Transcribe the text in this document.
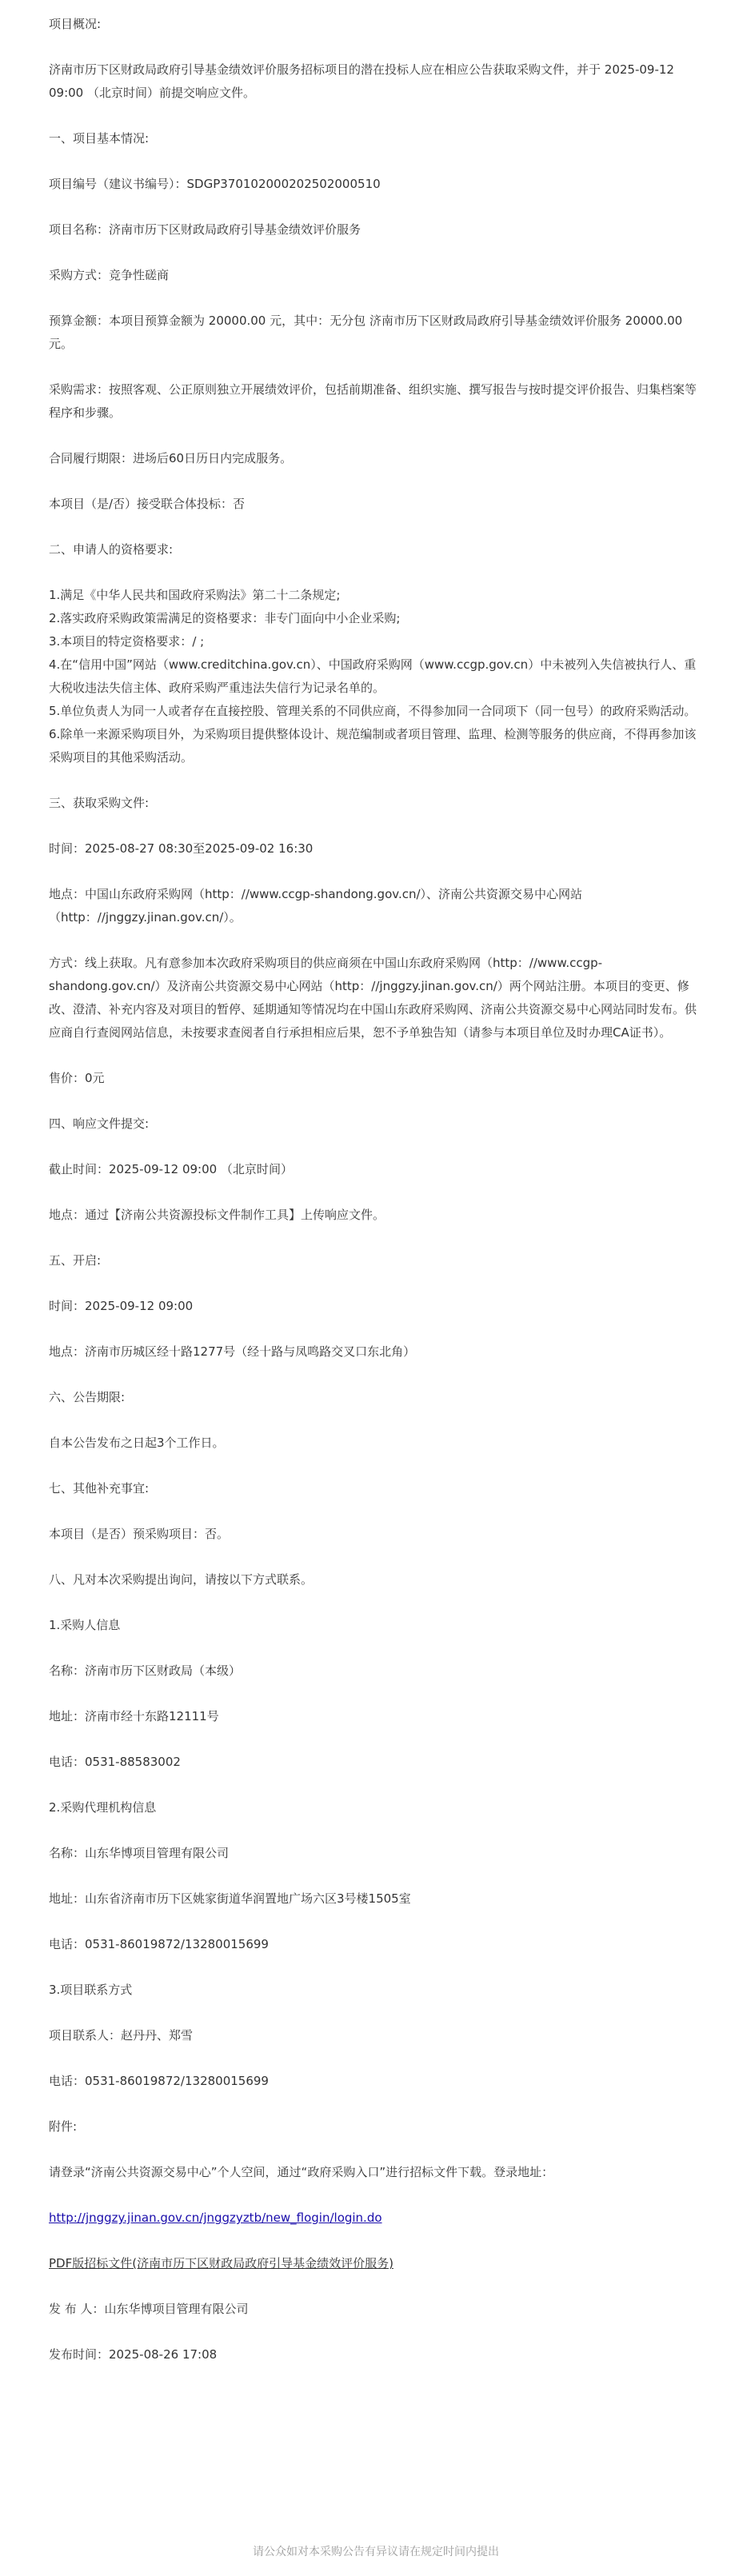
项目概况:

济南市历下区财政局政府引导基金绩效评价服务招标项目的潜在投标人应在相应公告获取采购文件，并于 2025-09-12 09:00 （北京时间）前提交响应文件。

一、项目基本情况:

项目编号（建议书编号）：SDGP370102000202502000510

项目名称：济南市历下区财政局政府引导基金绩效评价服务

采购方式：竞争性磋商

预算金额：本项目预算金额为 20000.00 元，其中：无分包 济南市历下区财政局政府引导基金绩效评价服务 20000.00 元。

采购需求：按照客观、公正原则独立开展绩效评价，包括前期准备、组织实施、撰写报告与按时提交评价报告、归集档案等程序和步骤。

合同履行期限：进场后60日历日内完成服务。

本项目（是/否）接受联合体投标：否

二、申请人的资格要求:

1.满足《中华人民共和国政府采购法》第二十二条规定;

2.落实政府采购政策需满足的资格要求：非专门面向中小企业采购;

3.本项目的特定资格要求：/ ;

4.在“信用中国”网站（www.creditchina.gov.cn）、中国政府采购网（www.ccgp.gov.cn）中未被列入失信被执行人、重大税收违法失信主体、政府采购严重违法失信行为记录名单的。

5.单位负责人为同一人或者存在直接控股、管理关系的不同供应商，不得参加同一合同项下（同一包号）的政府采购活动。

6.除单一来源采购项目外，为采购项目提供整体设计、规范编制或者项目管理、监理、检测等服务的供应商，不得再参加该采购项目的其他采购活动。

三、获取采购文件:

时间：2025-08-27 08:30至2025-09-02 16:30

地点：中国山东政府采购网（http：//www.ccgp-shandong.gov.cn/）、济南公共资源交易中心网站（http：//jnggzy.jinan.gov.cn/）。

方式：线上获取。凡有意参加本次政府采购项目的供应商须在中国山东政府采购网（http：//www.ccgp-shandong.gov.cn/）及济南公共资源交易中心网站（http：//jnggzy.jinan.gov.cn/）两个网站注册。本项目的变更、修改、澄清、补充内容及对项目的暂停、延期通知等情况均在中国山东政府采购网、济南公共资源交易中心网站同时发布。供应商自行查阅网站信息，未按要求查阅者自行承担相应后果，恕不予单独告知（请参与本项目单位及时办理CA证书）。

售价：0元

四、响应文件提交:

截止时间：2025-09-12 09:00 （北京时间）

地点：通过【济南公共资源投标文件制作工具】上传响应文件。

五、开启:

时间：2025-09-12 09:00

地点：济南市历城区经十路1277号（经十路与凤鸣路交叉口东北角）

六、公告期限:

自本公告发布之日起3个工作日。

七、其他补充事宜:

本项目（是否）预采购项目：否。

八、凡对本次采购提出询问，请按以下方式联系。

1.采购人信息

名称：济南市历下区财政局（本级）

地址：济南市经十东路12111号

电话：0531-88583002

2.采购代理机构信息

名称：山东华博项目管理有限公司

地址：山东省济南市历下区姚家街道华润置地广场六区3号楼1505室

电话：0531-86019872/13280015699

3.项目联系方式

项目联系人：赵丹丹、郑雪

电话：0531-86019872/13280015699

附件:

请登录“济南公共资源交易中心”个人空间，通过“政府采购入口”进行招标文件下载。登录地址：

http://jnggzy.jinan.gov.cn/jnggzyztb/new_flogin/login.do

PDF版招标文件(济南市历下区财政局政府引导基金绩效评价服务)

发 布 人：山东华博项目管理有限公司

发布时间：2025-08-26 17:08

请公众如对本采购公告有异议请在规定时间内提出
